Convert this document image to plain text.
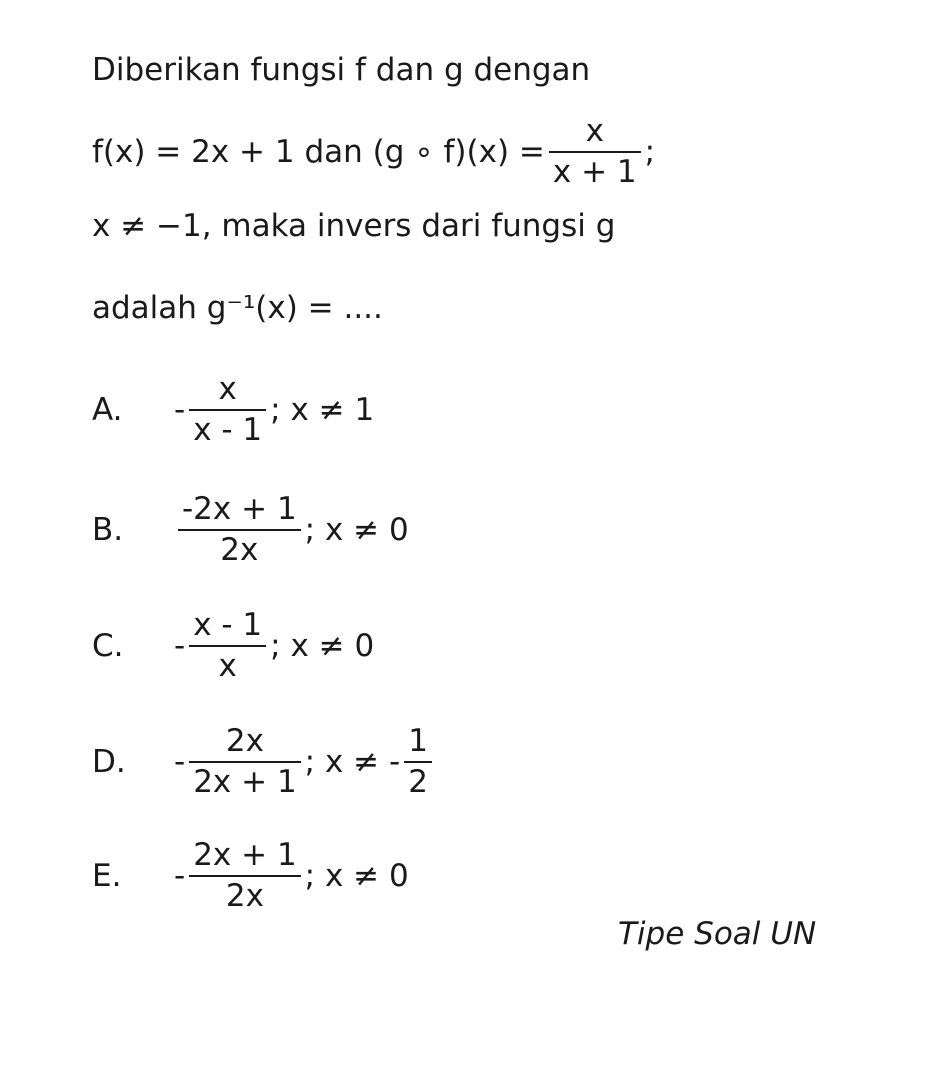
Diberikan fungsi f dan g dengan
f(x) = 2x + 1 dan (g ∘ $f)(x) = \frac{x}{x + 1}$ ;
x ≠ −1, maka invers dari fungsi g
adalah g⁻¹(x) = ....
A.	- $\frac{x}{x - 1}$ ; x ≠ 1
B.	$\frac{-2x + 1}{2x}$ ; x ≠ 0
C.	- $\frac{x - 1}{x}$ ; x ≠ 0
D.	- $\frac{2x}{2x + 1}$ ; x ≠ - $\frac{1}{2}$
E.	- $\frac{2x + 1}{2x}$ ; x ≠ 0
Tipe Soal UN
